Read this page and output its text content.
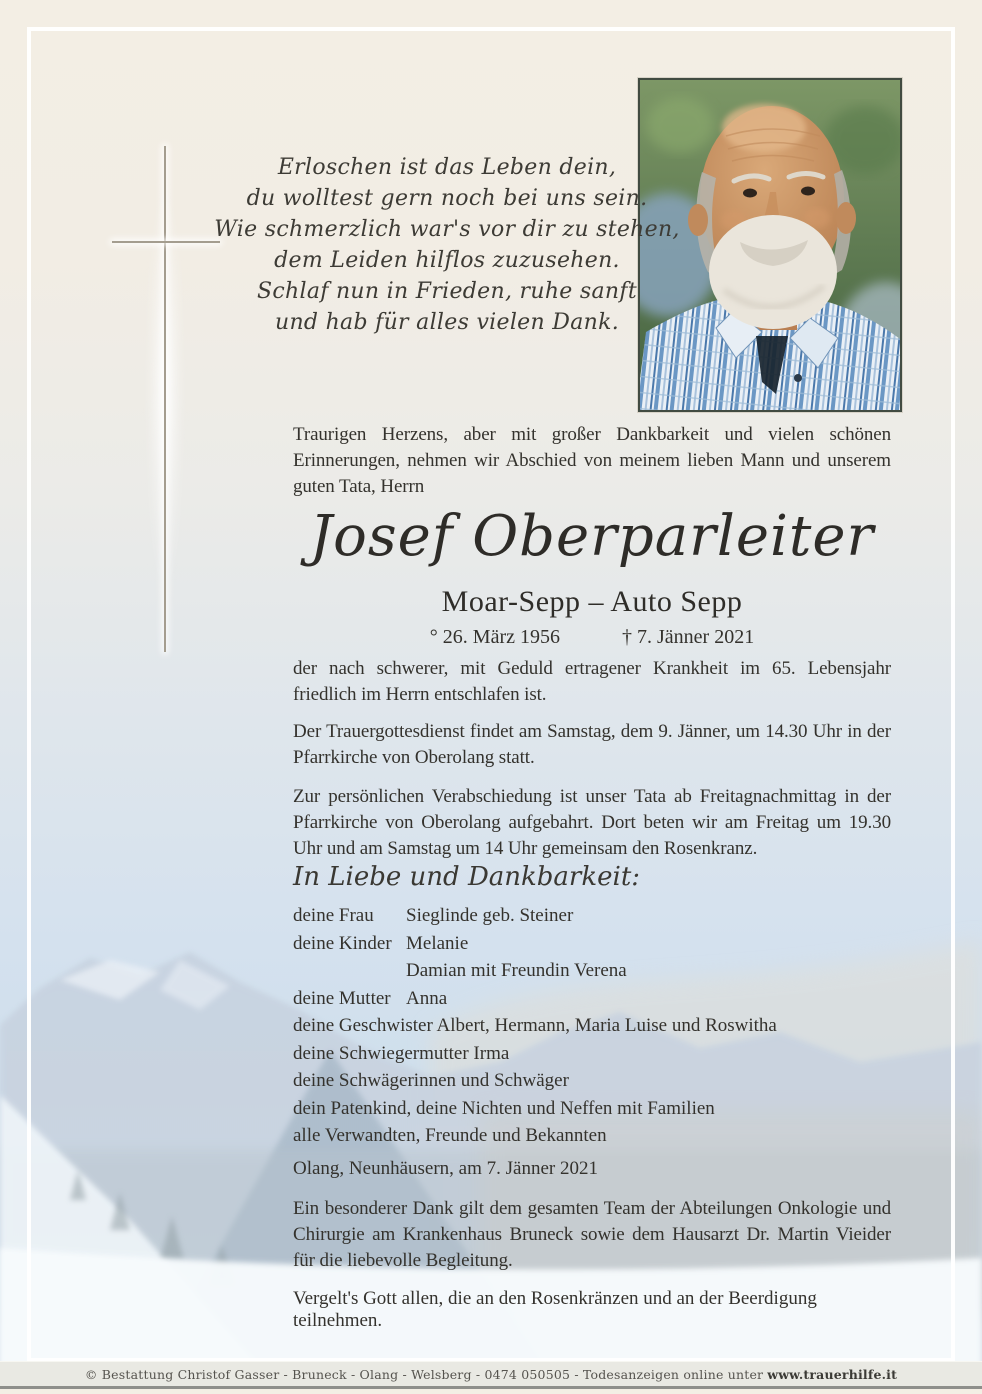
Erloschen ist das Leben dein,
du wolltest gern noch bei uns sein.
Wie schmerzlich war's vor dir zu stehen,
dem Leiden hilflos zuzusehen.
Schlaf nun in Frieden, ruhe sanft
und hab für alles vielen Dank.
Traurigen Herzens, aber mit großer Dankbarkeit und vielen schönen Erinnerungen, nehmen wir Abschied von meinem lieben Mann und unserem guten Tata, Herrn
Josef Oberparleiter
Moar-Sepp – Auto Sepp
° 26. März 1956	† 7. Jänner 2021
der nach schwerer, mit Geduld ertragener Krankheit im 65. Lebensjahr friedlich im Herrn entschlafen ist.
Der Trauergottesdienst findet am Samstag, dem 9. Jänner, um 14.30 Uhr in der Pfarrkirche von Oberolang statt.
Zur persönlichen Verabschiedung ist unser Tata ab Freitagnachmittag in der Pfarrkirche von Oberolang aufgebahrt. Dort beten wir am Freitag um 19.30 Uhr und am Samstag um 14 Uhr gemeinsam den Rosenkranz.
In Liebe und Dankbarkeit:
deine Frau Sieglinde geb. Steiner
deine Kinder Melanie
Damian mit Freundin Verena
deine Mutter Anna
deine Geschwister Albert, Hermann, Maria Luise und Roswitha
deine Schwiegermutter Irma
deine Schwägerinnen und Schwäger
dein Patenkind, deine Nichten und Neffen mit Familien
alle Verwandten, Freunde und Bekannten
Olang, Neunhäusern, am 7. Jänner 2021
Ein besonderer Dank gilt dem gesamten Team der Abteilungen Onkologie und Chirurgie am Krankenhaus Bruneck sowie dem Hausarzt Dr. Martin Vieider für die liebevolle Begleitung.
Vergelt's Gott allen, die an den Rosenkränzen und an der Beerdigung teilnehmen.
© Bestattung Christof Gasser - Bruneck - Olang - Welsberg - 0474 050505 - Todesanzeigen online unter www.trauerhilfe.it
